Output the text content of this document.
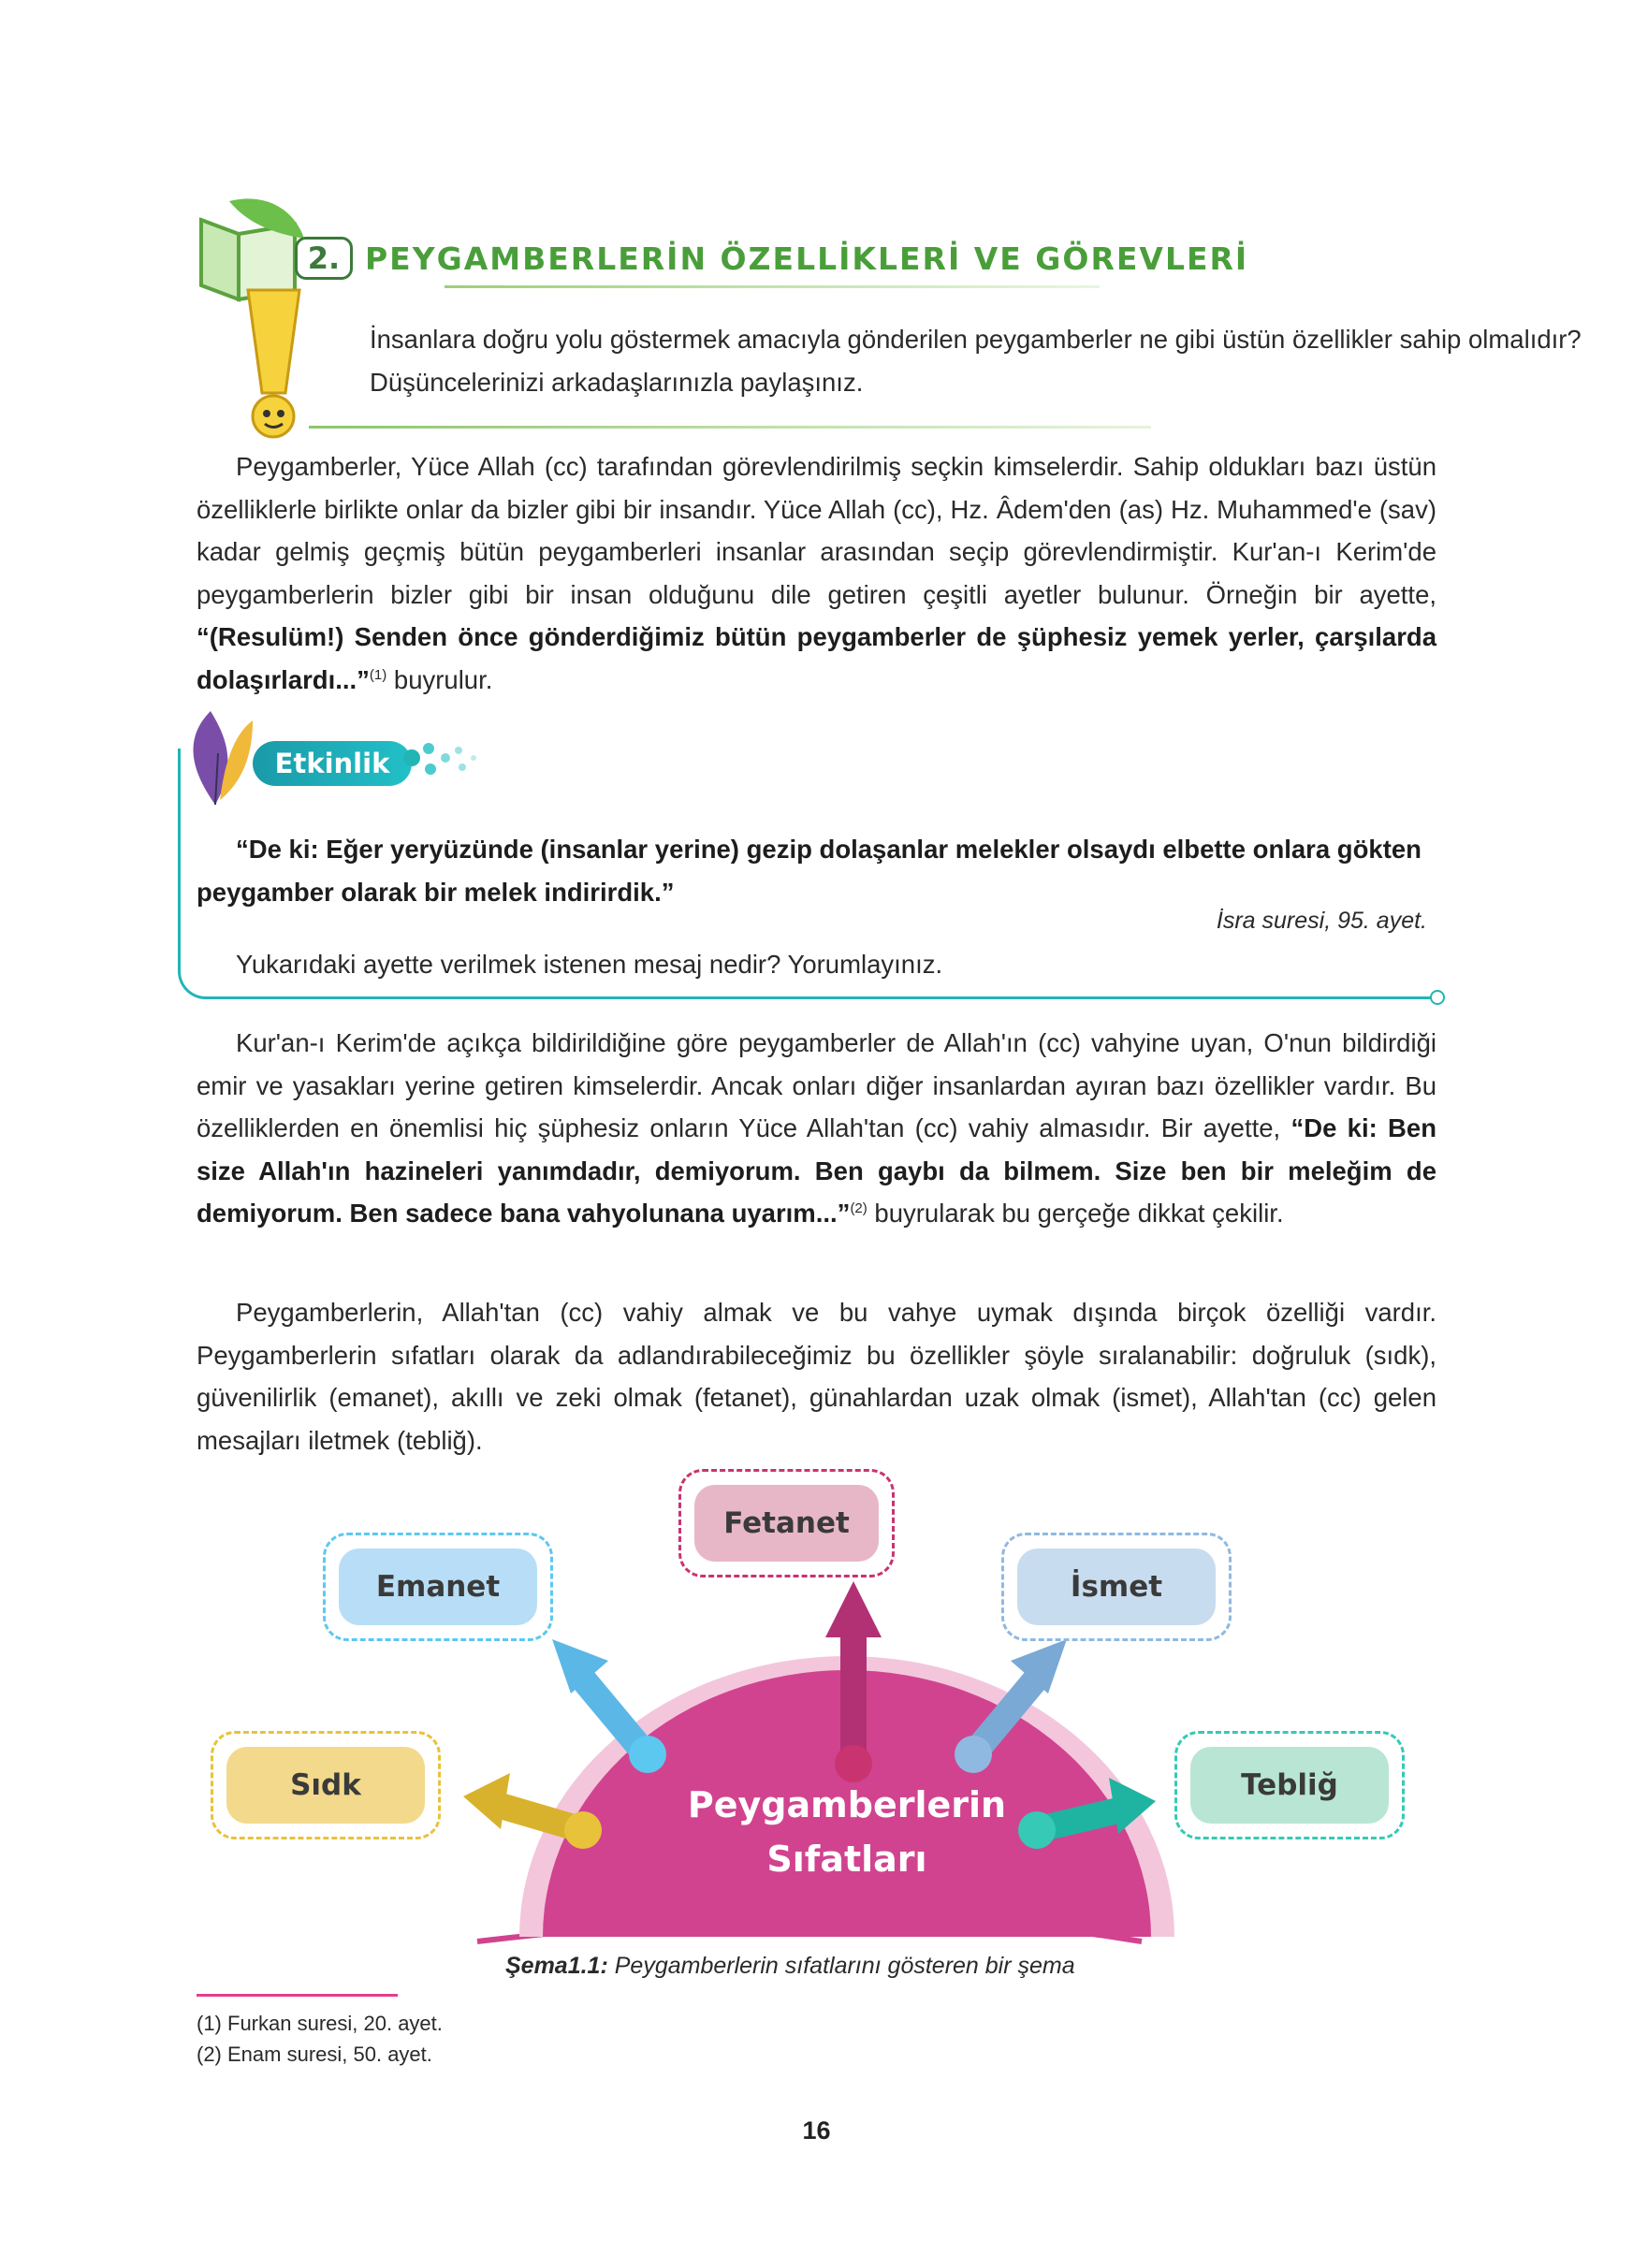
2. PEYGAMBERLERİN ÖZELLİKLERİ VE GÖREVLERİ
İnsanlara doğru yolu göstermek amacıyla gönderilen peygamberler ne gibi üstün özellikler sahip olmalıdır? Düşüncelerinizi arkadaşlarınızla paylaşınız.
Peygamberler, Yüce Allah (cc) tarafından görevlendirilmiş seçkin kimselerdir. Sahip oldukları bazı üstün özelliklerle birlikte onlar da bizler gibi bir insandır. Yüce Allah (cc), Hz. Âdem'den (as) Hz. Muhammed'e (sav) kadar gelmiş geçmiş bütün peygamberleri insanlar arasından seçip görevlendirmiştir. Kur'an-ı Kerim'de peygamberlerin bizler gibi bir insan olduğunu dile getiren çeşitli ayetler bulunur. Örneğin bir ayette, “(Resulüm!) Senden önce gönderdiğimiz bütün peygamberler de şüphesiz yemek yerler, çarşılarda dolaşırlardı...”$^{(1)}$ buyrulur.
Etkinlik
“De ki: Eğer yeryüzünde (insanlar yerine) gezip dolaşanlar melekler olsaydı elbette onlara gökten peygamber olarak bir melek indirirdik.”
İsra suresi, 95. ayet.
Yukarıdaki ayette verilmek istenen mesaj nedir? Yorumlayınız.
Kur'an-ı Kerim'de açıkça bildirildiğine göre peygamberler de Allah'ın (cc) vahyine uyan, O'nun bildirdiği emir ve yasakları yerine getiren kimselerdir. Ancak onları diğer insanlardan ayıran bazı özellikler vardır. Bu özelliklerden en önemlisi hiç şüphesiz onların Yüce Allah'tan (cc) vahiy almasıdır. Bir ayette, “De ki: Ben size Allah'ın hazineleri yanımdadır, demiyorum. Ben gaybı da bilmem. Size ben bir meleğim de demiyorum. Ben sadece bana vahyolunana uyarım...”$^{(2)}$ buyrularak bu gerçeğe dikkat çekilir.
Peygamberlerin, Allah'tan (cc) vahiy almak ve bu vahye uymak dışında birçok özelliği vardır. Peygamberlerin sıfatları olarak da adlandırabileceğimiz bu özellikler şöyle sıralanabilir: doğruluk (sıdk), güvenilirlik (emanet), akıllı ve zeki olmak (fetanet), günahlardan uzak olmak (ismet), Allah'tan (cc) gelen mesajları iletmek (tebliğ).
Fetanet
Emanet	İsmet
Sıdk	Tebliğ
Peygamberlerin
Sıfatları
Şema1.1: Peygamberlerin sıfatlarını gösteren bir şema
(1) Furkan suresi, 20. ayet.
(2) Enam suresi, 50. ayet.
16
